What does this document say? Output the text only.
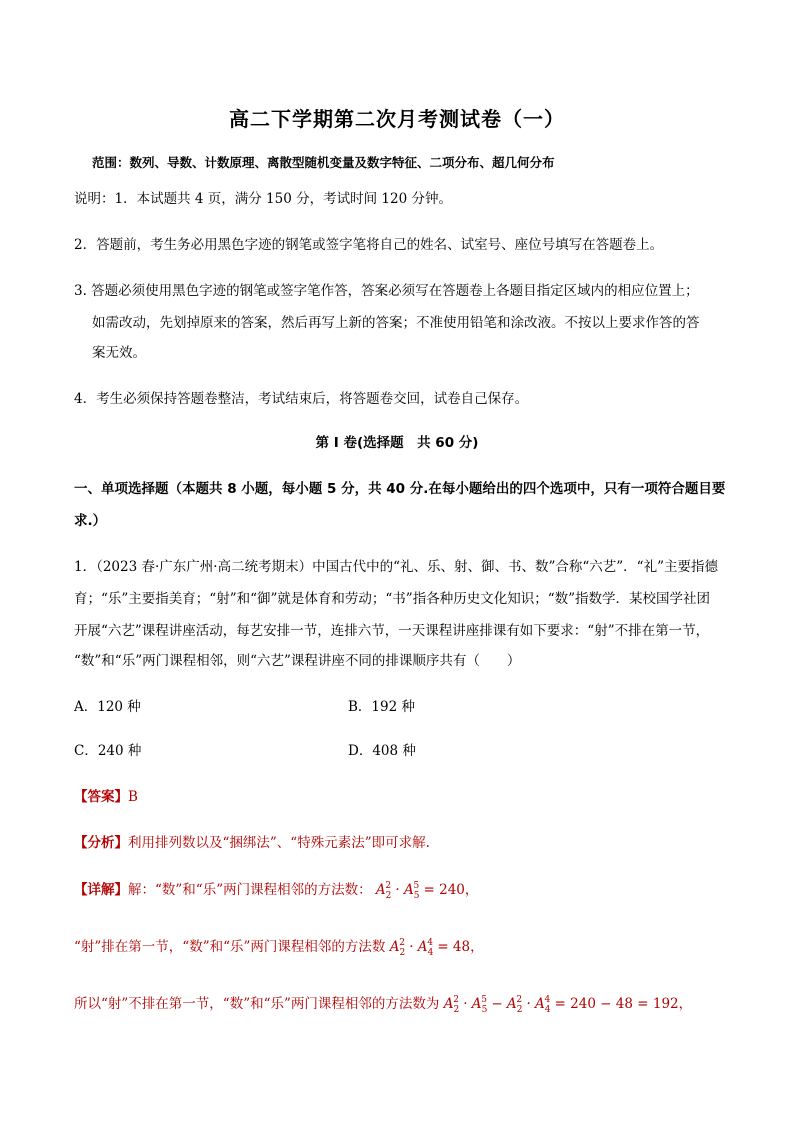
高二下学期第二次月考测试卷（一）
范围：数列、导数、计数原理、离散型随机变量及数字特征、二项分布、超几何分布
说明：1．本试题共 4 页，满分 150 分，考试时间 120 分钟。
2．答题前，考生务必用黑色字迹的钢笔或签字笔将自己的姓名、试室号、座位号填写在答题卷上。
3. 答题必须使用黑色字迹的钢笔或签字笔作答，答案必须写在答题卷上各题目指定区域内的相应位置上；
如需改动，先划掉原来的答案，然后再写上新的答案；不准使用铅笔和涂改液。不按以上要求作答的答
案无效。
4．考生必须保持答题卷整洁，考试结束后，将答题卷交回，试卷自己保存。
第 I 卷(选择题　共 60 分)
一、单项选择题（本题共 8 小题，每小题 5 分，共 40 分.在每小题给出的四个选项中，只有一项符合题目要
求.）
1．（2023 春·广东广州·高二统考期末）中国古代中的“礼、乐、射、御、书、数”合称“六艺”．“礼”主要指德
育；“乐”主要指美育；“射”和“御”就是体育和劳动；“书”指各种历史文化知识；“数”指数学．某校国学社团
开展“六艺”课程讲座活动，每艺安排一节，连排六节，一天课程讲座排课有如下要求：“射”不排在第一节，
“数”和“乐”两门课程相邻，则“六艺”课程讲座不同的排课顺序共有（　　）
A．120 种	B．192 种
C．240 种	D．408 种
【答案】B
【分析】利用排列数以及“捆绑法”、“特殊元素法”即可求解.
【详解】解：“数”和“乐”两门课程相邻的方法数： $A_2^2 \cdot A_5^5 = 240$，
“射”排在第一节，“数”和“乐”两门课程相邻的方法数 $A_2^2 \cdot A_4^4 = 48$，
所以“射”不排在第一节，“数”和“乐”两门课程相邻的方法数为 $A_2^2 \cdot A_5^5 - A_2^2 \cdot A_4^4 = 240 - 48 = 192$，
